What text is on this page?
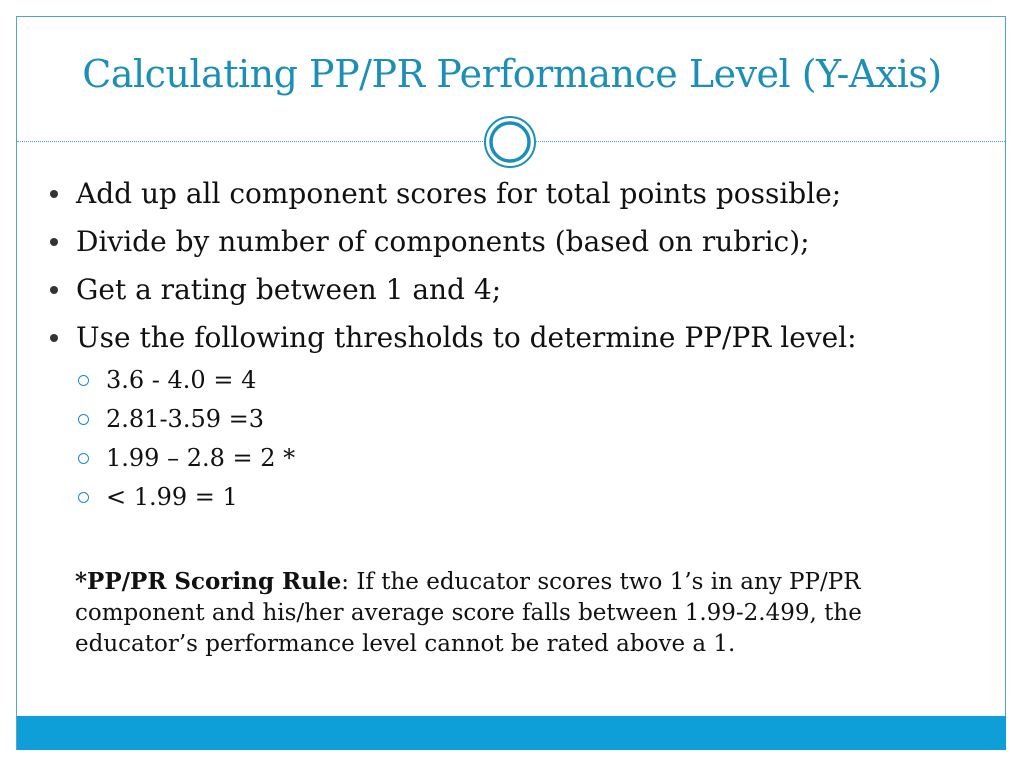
Calculating PP/PR Performance Level (Y-Axis)
Add up all component scores for total points possible;
Divide by number of components (based on rubric);
Get a rating between 1 and 4;
Use the following thresholds to determine PP/PR level:
3.6 - 4.0 = 4
2.81-3.59 =3
1.99 – 2.8 = 2 *
< 1.99 = 1
*PP/PR Scoring Rule: If the educator scores two 1’s in any PP/PR component and his/her average score falls between 1.99-2.499, the educator’s performance level cannot be rated above a 1.
